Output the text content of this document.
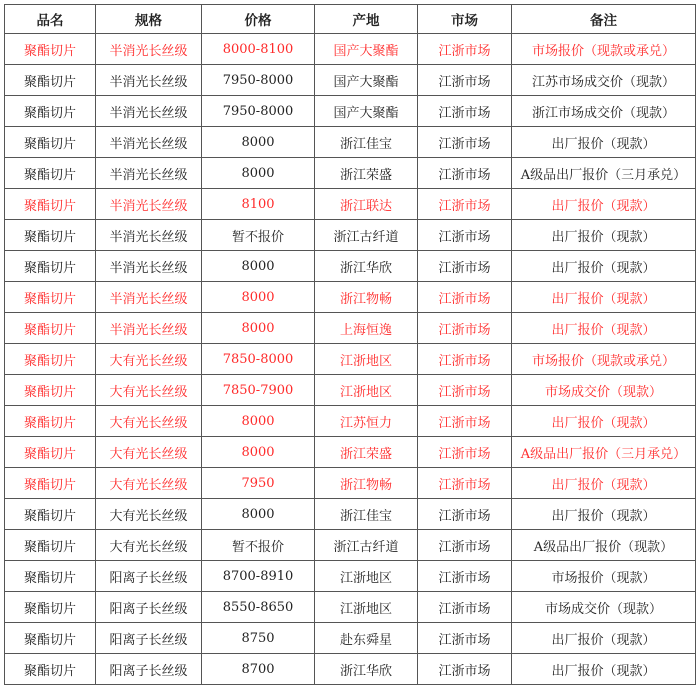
品名	规格	价格	产地	市场	备注
聚酯切片	半消光长丝级	8000-8100	国产大聚酯	江浙市场	市场报价（现款或承兑）
聚酯切片	半消光长丝级	7950-8000	国产大聚酯	江浙市场	江苏市场成交价（现款）
聚酯切片	半消光长丝级	7950-8000	国产大聚酯	江浙市场	浙江市场成交价（现款）
聚酯切片	半消光长丝级	8000	浙江佳宝	江浙市场	出厂报价（现款）
聚酯切片	半消光长丝级	8000	浙江荣盛	江浙市场	A级品出厂报价（三月承兑）
聚酯切片	半消光长丝级	8100	浙江联达	江浙市场	出厂报价（现款）
聚酯切片	半消光长丝级	暂不报价	浙江古纤道	江浙市场	出厂报价（现款）
聚酯切片	半消光长丝级	8000	浙江华欣	江浙市场	出厂报价（现款）
聚酯切片	半消光长丝级	8000	浙江物畅	江浙市场	出厂报价（现款）
聚酯切片	半消光长丝级	8000	上海恒逸	江浙市场	出厂报价（现款）
聚酯切片	大有光长丝级	7850-8000	江浙地区	江浙市场	市场报价（现款或承兑）
聚酯切片	大有光长丝级	7850-7900	江浙地区	江浙市场	市场成交价（现款）
聚酯切片	大有光长丝级	8000	江苏恒力	江浙市场	出厂报价（现款）
聚酯切片	大有光长丝级	8000	浙江荣盛	江浙市场	A级品出厂报价（三月承兑）
聚酯切片	大有光长丝级	7950	浙江物畅	江浙市场	出厂报价（现款）
聚酯切片	大有光长丝级	8000	浙江佳宝	江浙市场	出厂报价（现款）
聚酯切片	大有光长丝级	暂不报价	浙江古纤道	江浙市场	A级品出厂报价（现款）
聚酯切片	阳离子长丝级	8700-8910	江浙地区	江浙市场	市场报价（现款）
聚酯切片	阳离子长丝级	8550-8650	江浙地区	江浙市场	市场成交价（现款）
聚酯切片	阳离子长丝级	8750	赴东舜星	江浙市场	出厂报价（现款）
聚酯切片	阳离子长丝级	8700	浙江华欣	江浙市场	出厂报价（现款）
